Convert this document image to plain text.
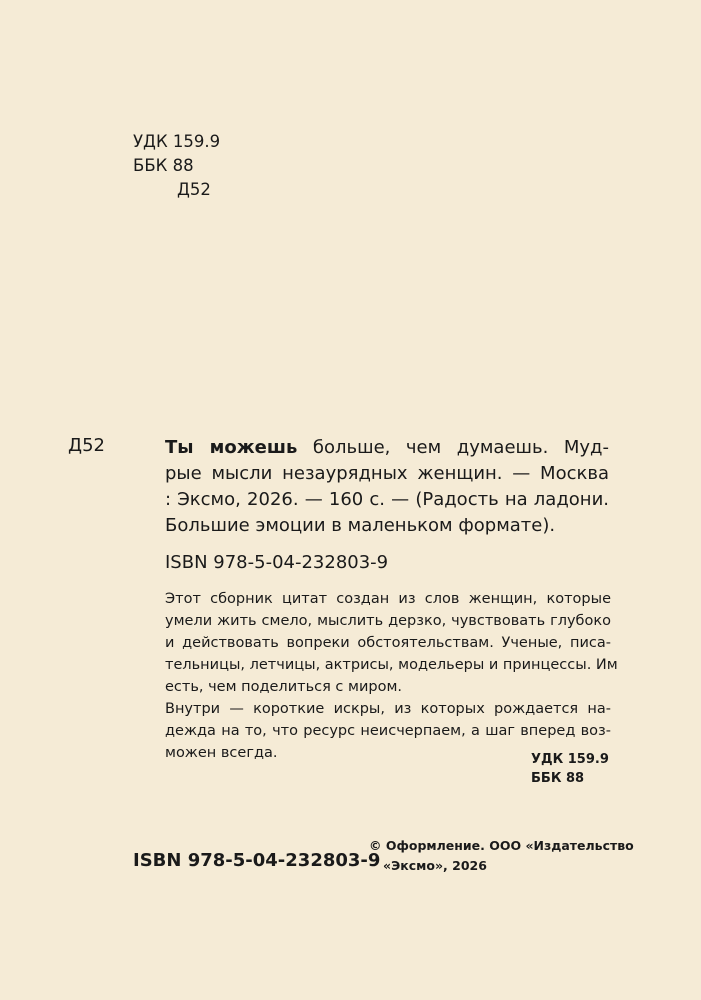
УДК 159.9
ББК 88
Д52
Д52	Ты можешь больше, чем думаешь. Муд-
рые мысли незаурядных женщин. — Москва
: Эксмо, 2026. — 160 с. — (Радость на ладони.
Большие эмоции в маленьком формате).
ISBN 978-5-04-232803-9
Этот сборник цитат создан из слов женщин, которые
умели жить смело, мыслить дерзко, чувствовать глубоко
и действовать вопреки обстоятельствам. Ученые, писа-
тельницы, летчицы, актрисы, модельеры и принцессы. Им
есть, чем поделиться с миром.
Внутри — короткие искры, из которых рождается на-
дежда на то, что ресурс неисчерпаем, а шаг вперед воз-
можен всегда.	УДК 159.9
ББК 88
ISBN 978-5-04-232803-9
© Оформление. ООО «Издательство
«Эксмо», 2026
